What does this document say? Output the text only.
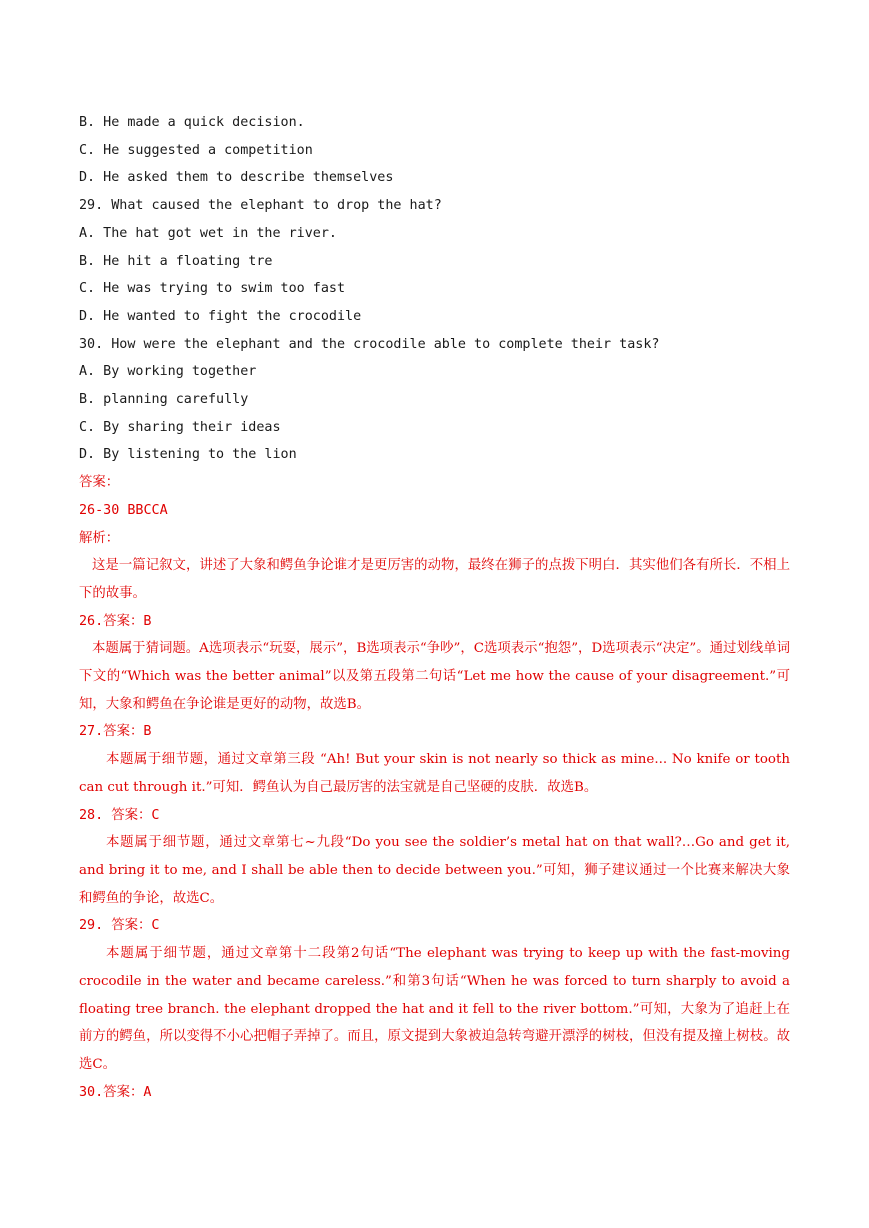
B. He made a quick decision.
C. He suggested a competition
D. He asked them to describe themselves
29. What caused the elephant to drop the hat?
A. The hat got wet in the river.
B. He hit a floating tre
C. He was trying to swim too fast
D. He wanted to fight the crocodile
30. How were the elephant and the crocodile able to complete their task?
A. By working together
B. planning carefully
C. By sharing their ideas
D. By listening to the lion
答案：
26-30 BBCCA
解析：
这是一篇记叙文，讲述了大象和鳄鱼争论谁才是更厉害的动物，最终在狮子的点拨下明白．其实他们各有所长．不相上下的故事。
26.答案：B
本题属于猜词题。A选项表示“玩耍，展示”，B选项表示“争吵”，C选项表示“抱怨”，D选项表示“决定”。通过划线单词下文的“Which was the better animal”以及第五段第二句话“Let me how the cause of your disagreement.”可知，大象和鳄鱼在争论谁是更好的动物，故选B。
27.答案：B
本题属于细节题，通过文章第三段 “Ah! But your skin is not nearly so thick as mine... No knife or tooth can cut through it.”可知．鳄鱼认为自己最厉害的法宝就是自己坚硬的皮肤．故选B。
28. 答案：C
本题属于细节题，通过文章第七~九段“Do you see the soldier’s metal hat on that wall?…Go and get it, and bring it to me, and I shall be able then to decide between you.”可知，狮子建议通过一个比赛来解决大象和鳄鱼的争论，故选C。
29. 答案：C
本题属于细节题，通过文章第十二段第2句话“The elephant was trying to keep up with the fast-moving crocodile in the water and became careless.”和第3句话“When he was forced to turn sharply to avoid a floating tree branch. the elephant dropped the hat and it fell to the river bottom.”可知，大象为了追赶上在前方的鳄鱼，所以变得不小心把帽子弄掉了。而且，原文提到大象被迫急转弯避开漂浮的树枝，但没有提及撞上树枝。故选C。
30.答案：A
